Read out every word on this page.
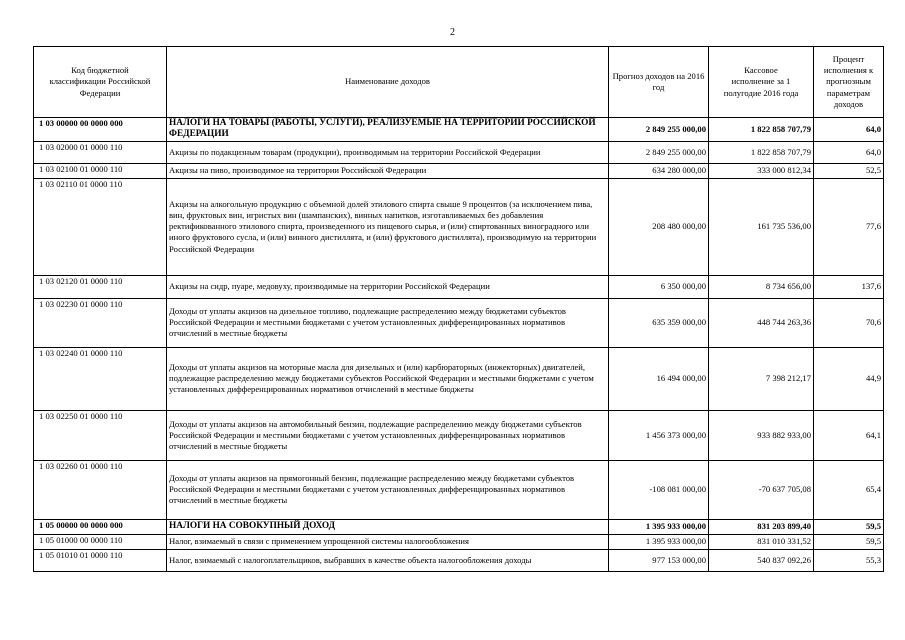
2
Код бюджетной классификации Российской Федерации	Наименование доходов	Прогноз доходов на 2016 год	Кассовое исполнение за 1 полугодие 2016 года	Процент исполнения к прогнозным параметрам доходов
1 03 00000 00 0000 000	НАЛОГИ НА ТОВАРЫ (РАБОТЫ, УСЛУГИ), РЕАЛИЗУЕМЫЕ НА ТЕРРИТОРИИ РОССИЙСКОЙ ФЕДЕРАЦИИ	2 849 255 000,00	1 822 858 707,79	64,0
1 03 02000 01 0000 110	Акцизы по подакцизным товарам (продукции), производимым на территории Российской Федерации	2 849 255 000,00	1 822 858 707,79	64,0
1 03 02100 01 0000 110	Акцизы на пиво, производимое на территории Российской Федерации	634 280 000,00	333 000 812,34	52,5
1 03 02110 01 0000 110	Акцизы на алкогольную продукцию с объемной долей этилового спирта свыше 9 процентов (за исключением пива, вин, фруктовых вин, игристых вин (шампанских), винных напитков, изготавливаемых без добавления ректификованного этилового спирта, произведенного из пищевого сырья, и (или) спиртованных виноградного или иного фруктового сусла, и (или) винного дистиллята, и (или) фруктового дистиллята), производимую на территории Российской Федерации	208 480 000,00	161 735 536,00	77,6
1 03 02120 01 0000 110	Акцизы на сидр, пуаре, медовуху, производимые на территории Российской Федерации	6 350 000,00	8 734 656,00	137,6
1 03 02230 01 0000 110	Доходы от уплаты акцизов на дизельное топливо, подлежащие распределению между бюджетами субъектов Российской Федерации и местными бюджетами с учетом установленных дифференцированных нормативов отчислений в местные бюджеты	635 359 000,00	448 744 263,36	70,6
1 03 02240 01 0000 110	Доходы от уплаты акцизов на моторные масла для дизельных и (или) карбюраторных (инжекторных) двигателей, подлежащие распределению между бюджетами субъектов Российской Федерации и местными бюджетами с учетом установленных дифференцированных нормативов отчислений в местные бюджеты	16 494 000,00	7 398 212,17	44,9
1 03 02250 01 0000 110	Доходы от уплаты акцизов на автомобильный бензин, подлежащие распределению между бюджетами субъектов Российской Федерации и местными бюджетами с учетом установленных дифференцированных нормативов отчислений в местные бюджеты	1 456 373 000,00	933 882 933,00	64,1
1 03 02260 01 0000 110	Доходы от уплаты акцизов на прямогонный бензин, подлежащие распределению между бюджетами субъектов Российской Федерации и местными бюджетами с учетом установленных дифференцированных нормативов отчислений в местные бюджеты	-108 081 000,00	-70 637 705,08	65,4
1 05 00000 00 0000 000	НАЛОГИ НА СОВОКУПНЫЙ ДОХОД	1 395 933 000,00	831 203 899,40	59,5
1 05 01000 00 0000 110	Налог, взимаемый в связи с применением упрощенной системы налогообложения	1 395 933 000,00	831 010 331,52	59,5
1 05 01010 01 0000 110	Налог, взимаемый с налогоплательщиков, выбравших в качестве объекта налогообложения доходы	977 153 000,00	540 837 092,26	55,3
